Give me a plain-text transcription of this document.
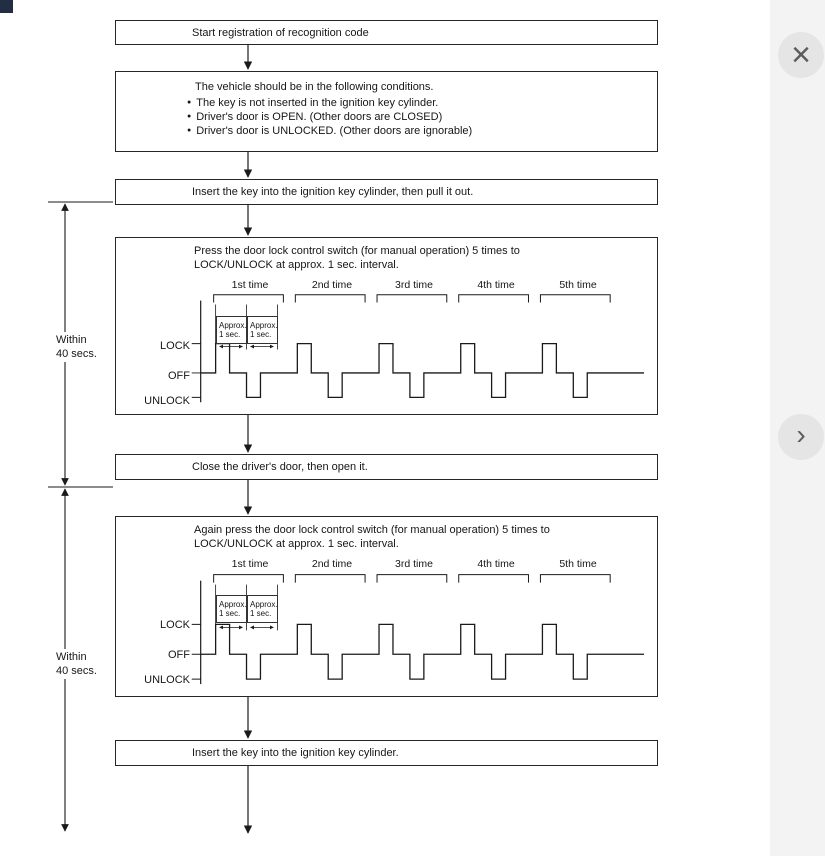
×
›
Start registration of recognition code
The vehicle should be in the following conditions.
● The key is not inserted in the ignition key cylinder.
● Driver's door is OPEN. (Other doors are CLOSED)
● Driver's door is UNLOCKED. (Other doors are ignorable)
Insert the key into the ignition key cylinder, then pull it out.
Press the door lock control switch (for manual operation) 5 times to
LOCK/UNLOCK at approx. 1 sec. interval.
1st time	2nd time	3rd time	4th time	5th time
Approx.
1 sec.
Approx.
1 sec.
LOCK
OFF
UNLOCK
Close the driver's door, then open it.
Again press the door lock control switch (for manual operation) 5 times to
LOCK/UNLOCK at approx. 1 sec. interval.
1st time	2nd time	3rd time	4th time	5th time
Approx.
1 sec.
Approx.
1 sec.
LOCK
OFF
UNLOCK
Insert the key into the ignition key cylinder.
Within
40 secs.
Within
40 secs.
